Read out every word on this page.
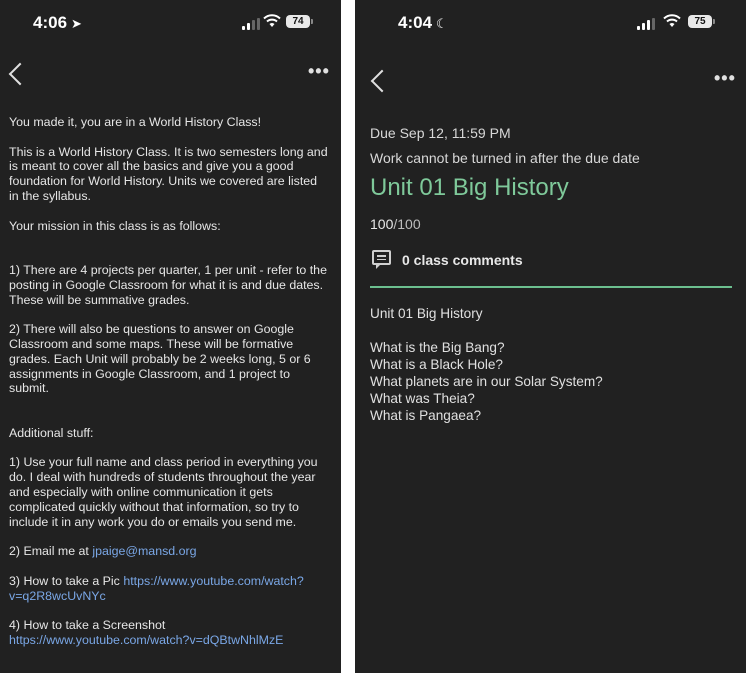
4:06 ➤	74
•••

You made it, you are in a World History Class!

This is a World History Class. It is two semesters long and is meant to cover all the basics and give you a good foundation for World History. Units we covered are listed in the syllabus.

Your mission in this class is as follows:

1) There are 4 projects per quarter, 1 per unit - refer to the posting in Google Classroom for what it is and due dates. These will be summative grades.

2) There will also be questions to answer on Google Classroom and some maps. These will be formative grades. Each Unit will probably be 2 weeks long, 5 or 6 assignments in Google Classroom, and 1 project to submit.

Additional stuff:

1) Use your full name and class period in everything you do. I deal with hundreds of students throughout the year and especially with online communication it gets complicated quickly without that information, so try to include it in any work you do or emails you send me.

2) Email me at jpaige@mansd.org

3) How to take a Pic https://www.youtube.com/watch?v=q2R8wcUvNYc

4) How to take a Screenshot https://www.youtube.com/watch?v=dQBtwNhlMzE

4:04 ☾	75
•••
Due Sep 12, 11:59 PM
Work cannot be turned in after the due date
Unit 01 Big History
100/100
0 class comments

Unit 01 Big History

What is the Big Bang?

What is a Black Hole?

What planets are in our Solar System?

What was Theia?

What is Pangaea?
